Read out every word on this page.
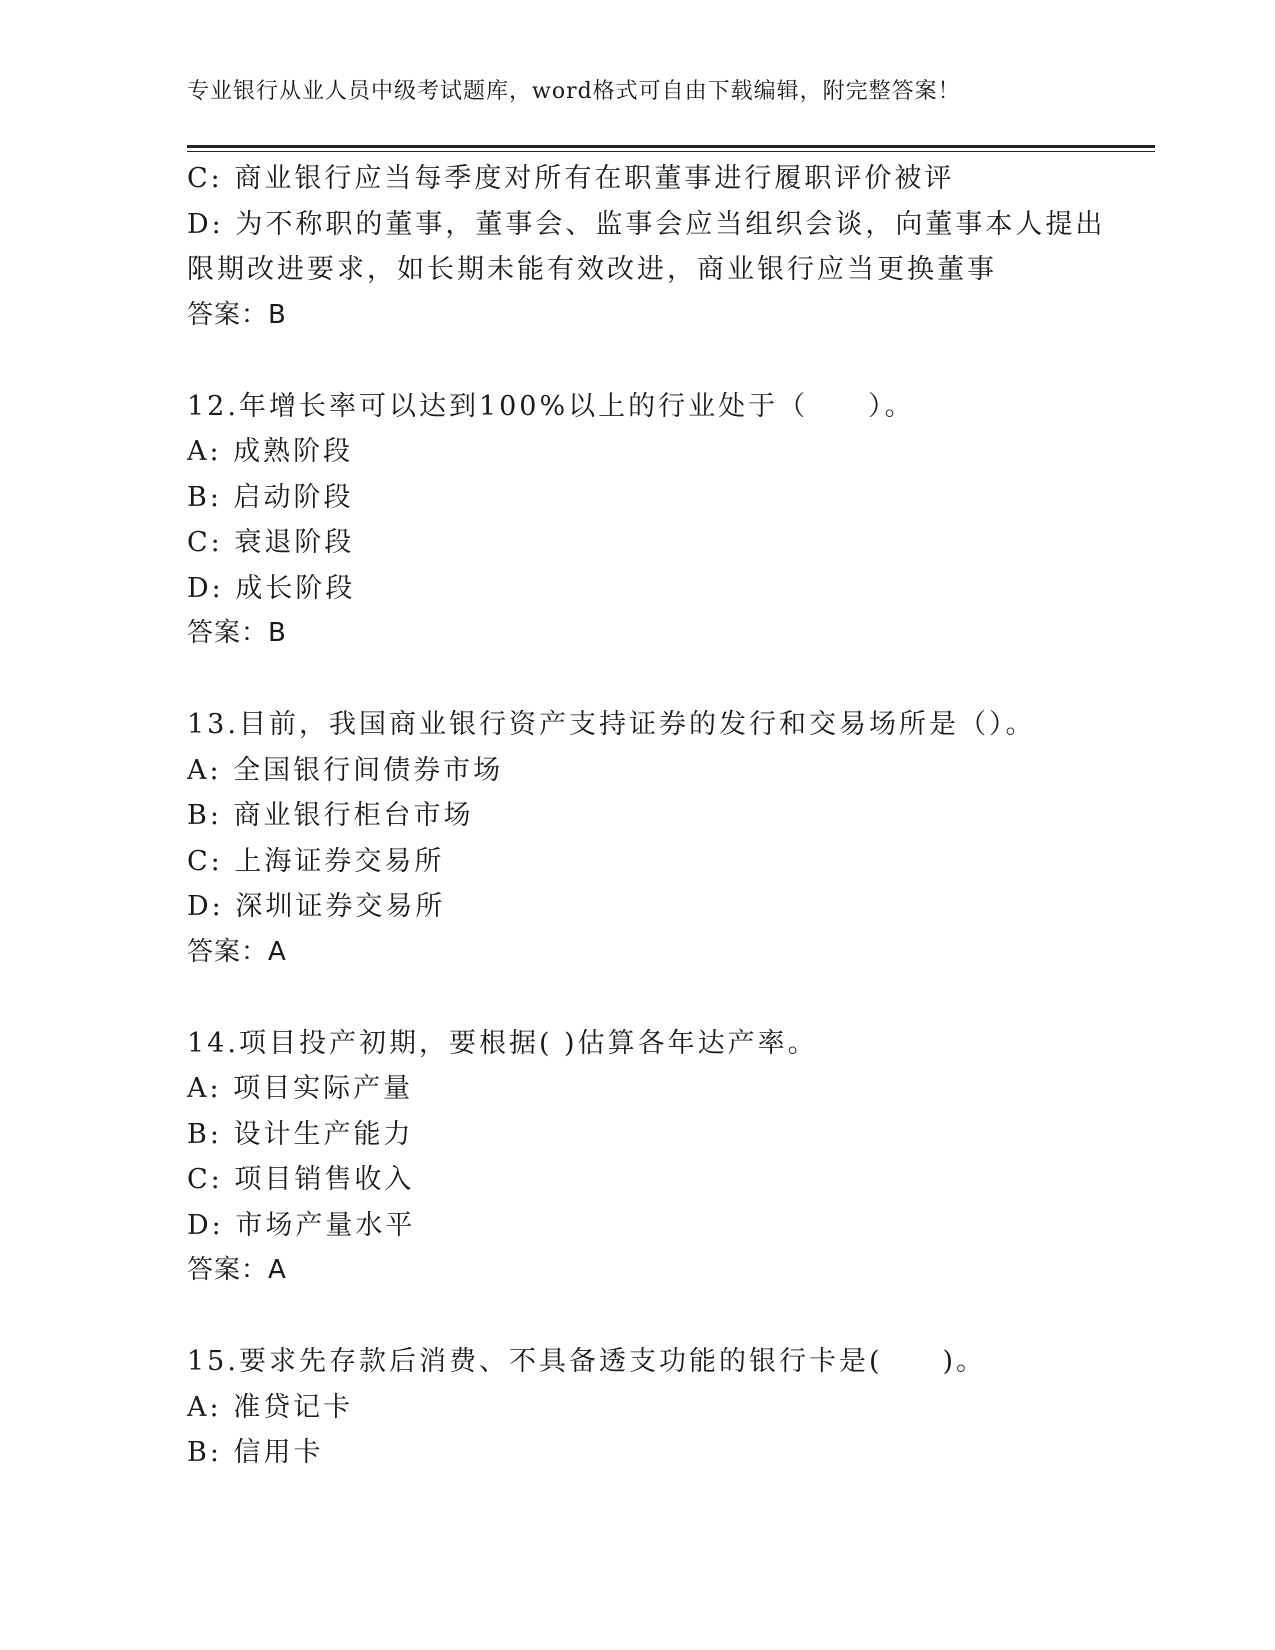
专业银行从业人员中级考试题库，word格式可自由下载编辑，附完整答案！
C: 商业银行应当每季度对所有在职董事进行履职评价被评
D: 为不称职的董事，董事会、监事会应当组织会谈，向董事本人提出
限期改进要求，如长期未能有效改进，商业银行应当更换董事
答案：B
12.年增长率可以达到100%以上的行业处于（　　）。
A: 成熟阶段
B: 启动阶段
C: 衰退阶段
D: 成长阶段
答案：B
13.目前，我国商业银行资产支持证券的发行和交易场所是（）。
A: 全国银行间债券市场
B: 商业银行柜台市场
C: 上海证券交易所
D: 深圳证券交易所
答案：A
14.项目投产初期，要根据( )估算各年达产率。
A: 项目实际产量
B: 设计生产能力
C: 项目销售收入
D: 市场产量水平
答案：A
15.要求先存款后消费、不具备透支功能的银行卡是(　　)。
A: 准贷记卡
B: 信用卡
